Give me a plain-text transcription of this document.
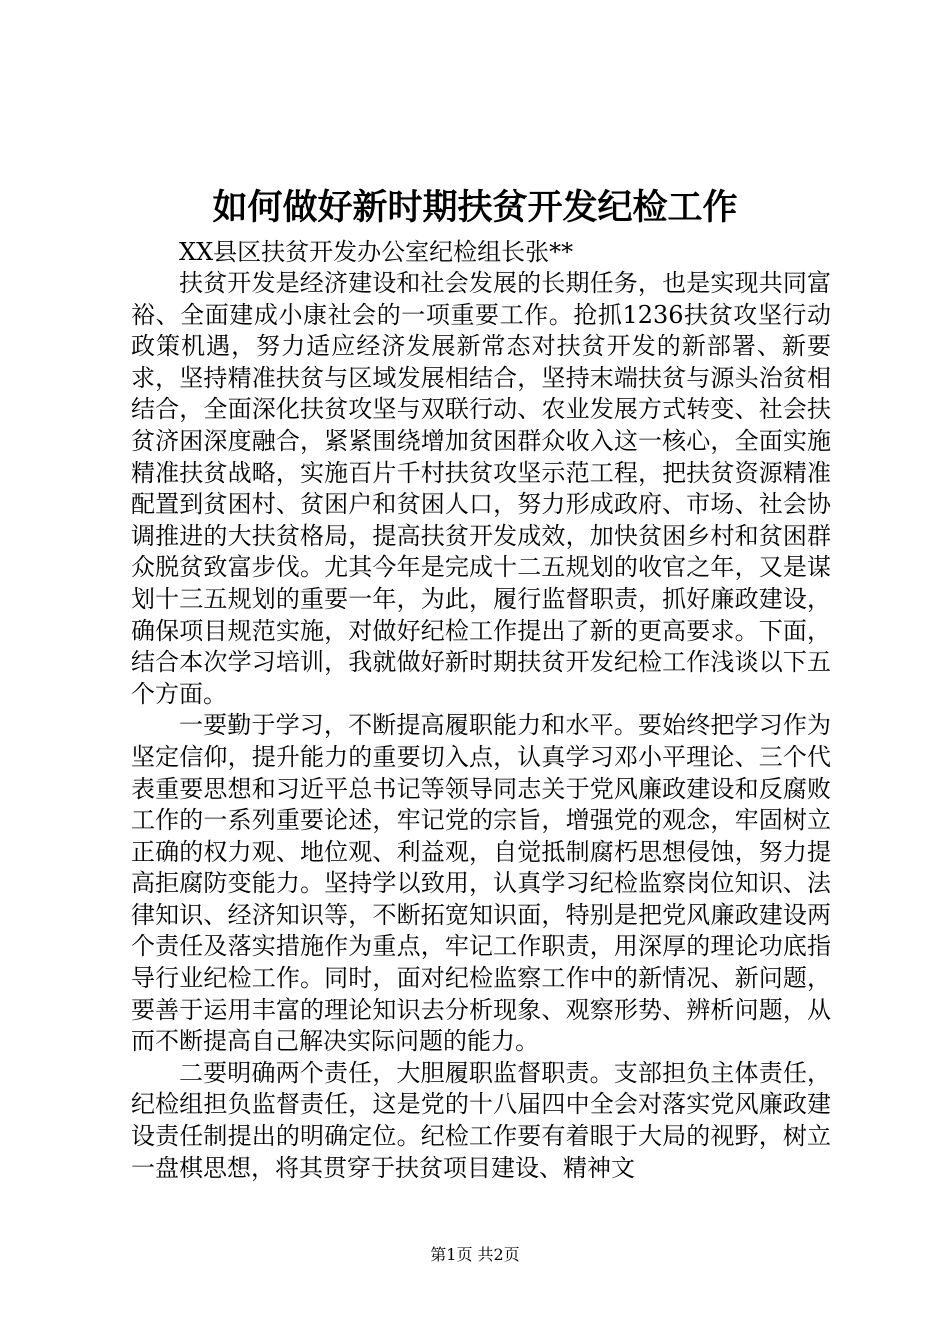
如何做好新时期扶贫开发纪检工作

XX县区扶贫开发办公室纪检组长张**

扶贫开发是经济建设和社会发展的长期任务，也是实现共同富裕、全面建成小康社会的一项重要工作。抢抓1236扶贫攻坚行动政策机遇，努力适应经济发展新常态对扶贫开发的新部署、新要求，坚持精准扶贫与区域发展相结合，坚持末端扶贫与源头治贫相结合，全面深化扶贫攻坚与双联行动、农业发展方式转变、社会扶贫济困深度融合，紧紧围绕增加贫困群众收入这一核心，全面实施精准扶贫战略，实施百片千村扶贫攻坚示范工程，把扶贫资源精准配置到贫困村、贫困户和贫困人口，努力形成政府、市场、社会协调推进的大扶贫格局，提高扶贫开发成效，加快贫困乡村和贫困群众脱贫致富步伐。尤其今年是完成十二五规划的收官之年，又是谋划十三五规划的重要一年，为此，履行监督职责，抓好廉政建设，确保项目规范实施，对做好纪检工作提出了新的更高要求。下面，结合本次学习培训，我就做好新时期扶贫开发纪检工作浅谈以下五个方面。

一要勤于学习，不断提高履职能力和水平。要始终把学习作为坚定信仰，提升能力的重要切入点，认真学习邓小平理论、三个代表重要思想和习近平总书记等领导同志关于党风廉政建设和反腐败工作的一系列重要论述，牢记党的宗旨，增强党的观念，牢固树立正确的权力观、地位观、利益观，自觉抵制腐朽思想侵蚀，努力提高拒腐防变能力。坚持学以致用，认真学习纪检监察岗位知识、法律知识、经济知识等，不断拓宽知识面，特别是把党风廉政建设两个责任及落实措施作为重点，牢记工作职责，用深厚的理论功底指导行业纪检工作。同时，面对纪检监察工作中的新情况、新问题，要善于运用丰富的理论知识去分析现象、观察形势、辨析问题，从而不断提高自己解决实际问题的能力。

二要明确两个责任，大胆履职监督职责。支部担负主体责任，纪检组担负监督责任，这是党的十八届四中全会对落实党风廉政建设责任制提出的明确定位。纪检工作要有着眼于大局的视野，树立一盘棋思想，将其贯穿于扶贫项目建设、精神文

第1页 共2页
